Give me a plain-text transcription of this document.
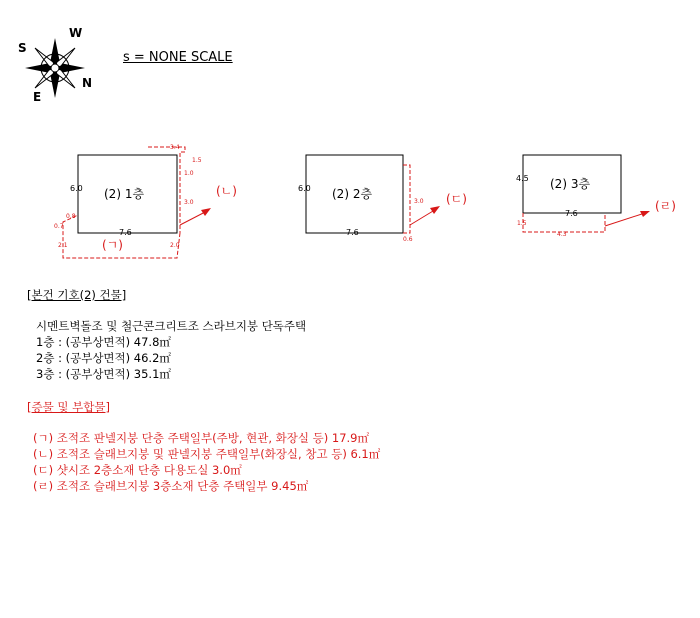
W
S
N
E
s = NONE SCALE
(2) 1층
6.0
7.6
(ㄱ)
(ㄴ)
3.4
1.5
1.0
3.0
0.8
0.7
2.1	2.0
(2) 2층
6.0
7.6
3.0
0.6
(ㄷ)
(2) 3층
4.5
7.6
1.5
4.3
(ㄹ)
[본건 기호(2) 건물]
시멘트벽돌조 및 철근콘크리트조 스라브지붕 단독주택
1층 : (공부상면적) 47.8㎡
2층 : (공부상면적) 46.2㎡
3층 : (공부상면적) 35.1㎡
[증물 및 부합물]
(ㄱ) 조적조 판넬지붕 단층 주택일부(주방, 현관, 화장실 등) 17.9㎡
(ㄴ) 조적조 슬래브지붕 및 판넬지붕 주택일부(화장실, 창고 등) 6.1㎡
(ㄷ) 샷시조 2층소재 단층 다용도실 3.0㎡
(ㄹ) 조적조 슬래브지붕 3층소재 단층 주택일부 9.45㎡
